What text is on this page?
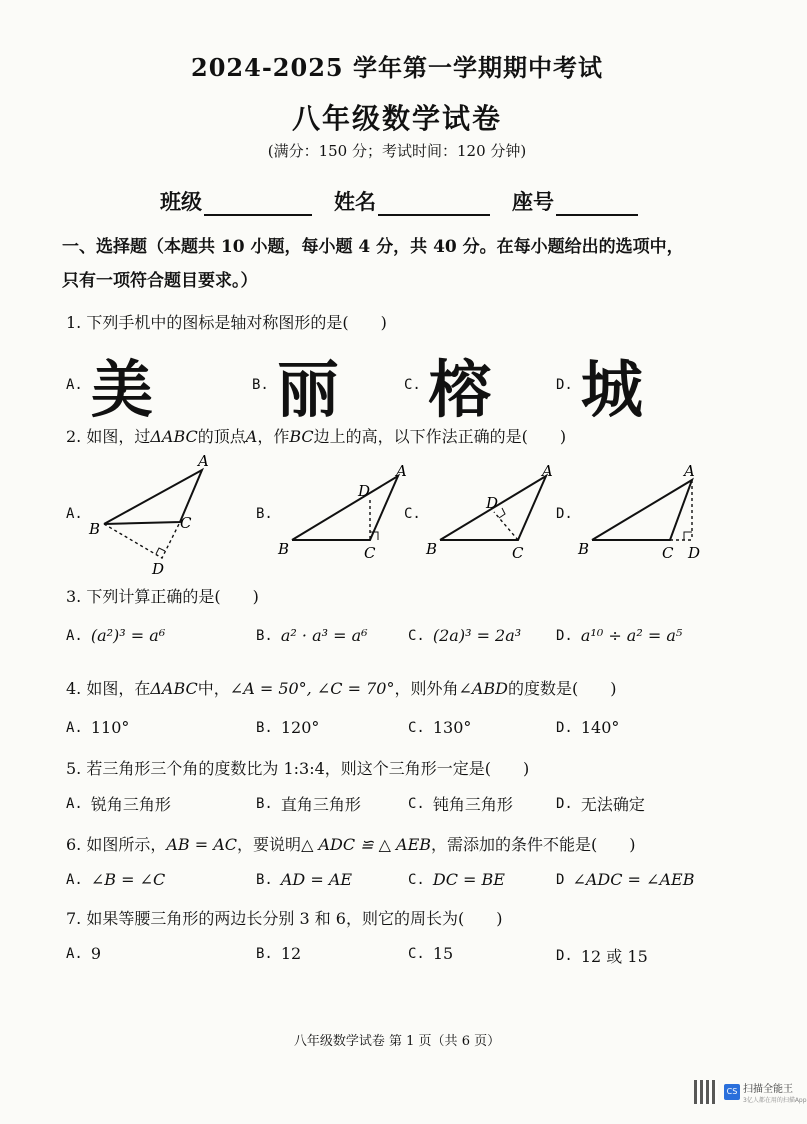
2024-2025 学年第一学期期中考试
八年级数学试卷
(满分：150 分；考试时间：120 分钟)
班级	姓名	座号
一、选择题（本题共 10 小题，每小题 4 分，共 40 分。在每小题给出的选项中，
只有一项符合题目要求。）
1. 下列手机中的图标是轴对称图形的是(　　)
A. 美	B. 丽	C. 榕	D. 城
2. 如图，过ΔABC的顶点A，作BC边上的高，以下作法正确的是(　　)
A.
A
B	C
D
B.
A
B	C
D
C.
A
B	C
D
D.
A
B	C D
3. 下列计算正确的是(　　)
A. (a²)³ = a⁶	B. a² · a³ = a⁶	C. (2a)³ = 2a³ D. a¹⁰ ÷ a² = a⁵
4. 如图，在ΔABC中，∠A = 50°, ∠C = 70°，则外角∠ABD的度数是(　　)
A. 110°	B. 120°	C. 130°	D. 140°
5. 若三角形三个角的度数比为 1:3:4，则这个三角形一定是(　　)
A. 锐角三角形	B. 直角三角形	C. 钝角三角形	D. 无法确定
6. 如图所示，AB = AC，要说明△ ADC ≌ △ AEB，需添加的条件不能是(　　)
A. ∠B = ∠C	B. AD = AE	C. DC = BE	D ∠ADC = ∠AEB
7. 如果等腰三角形的两边长分别 3 和 6，则它的周长为(　　)
A. 9	B. 12	C. 15	D. 12 或 15
八年级数学试卷 第 1 页（共 6 页）
CS 扫描全能王
3亿人都在用的扫描App
